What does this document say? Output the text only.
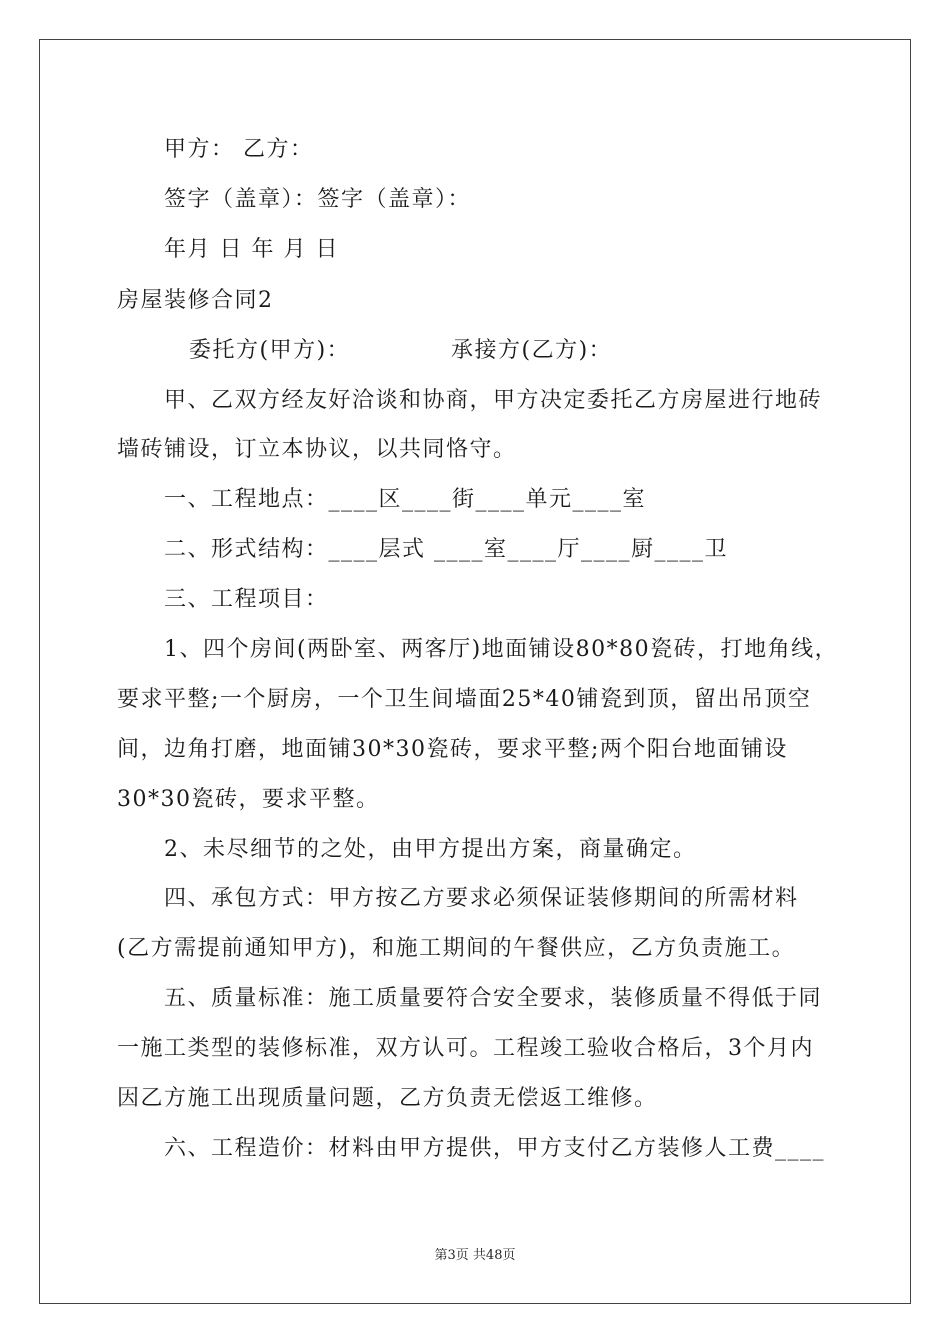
甲方： 乙方：
签字（盖章）：签字（盖章）：
年月 日 年 月 日
房屋装修合同2
委托方(甲方)：	承接方(乙方)：
甲、乙双方经友好洽谈和协商，甲方决定委托乙方房屋进行地砖
墙砖铺设，订立本协议，以共同恪守。
一、工程地点：____区____街____单元____室
二、形式结构：____层式 ____室____厅____厨____卫
三、工程项目：
1、四个房间(两卧室、两客厅)地面铺设80*80瓷砖，打地角线，
要求平整;一个厨房，一个卫生间墙面25*40铺瓷到顶，留出吊顶空
间，边角打磨，地面铺30*30瓷砖，要求平整;两个阳台地面铺设
30*30瓷砖，要求平整。
2、未尽细节的之处，由甲方提出方案，商量确定。
四、承包方式：甲方按乙方要求必须保证装修期间的所需材料
(乙方需提前通知甲方)，和施工期间的午餐供应，乙方负责施工。
五、质量标准：施工质量要符合安全要求，装修质量不得低于同
一施工类型的装修标准，双方认可。工程竣工验收合格后，3个月内
因乙方施工出现质量问题，乙方负责无偿返工维修。
六、工程造价：材料由甲方提供，甲方支付乙方装修人工费____
第3页 共48页
